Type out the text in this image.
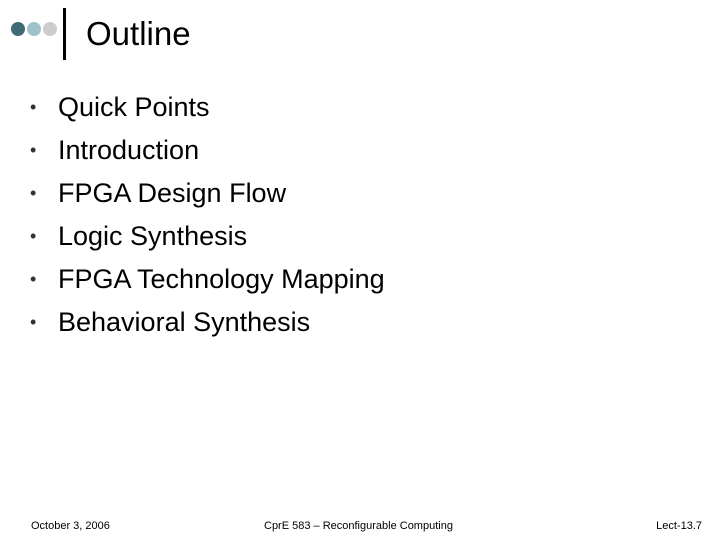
Outline
• Quick Points
• Introduction
• FPGA Design Flow
• Logic Synthesis
• FPGA Technology Mapping
• Behavioral Synthesis
October 3, 2006	CprE 583 – Reconfigurable Computing	Lect-13.7
